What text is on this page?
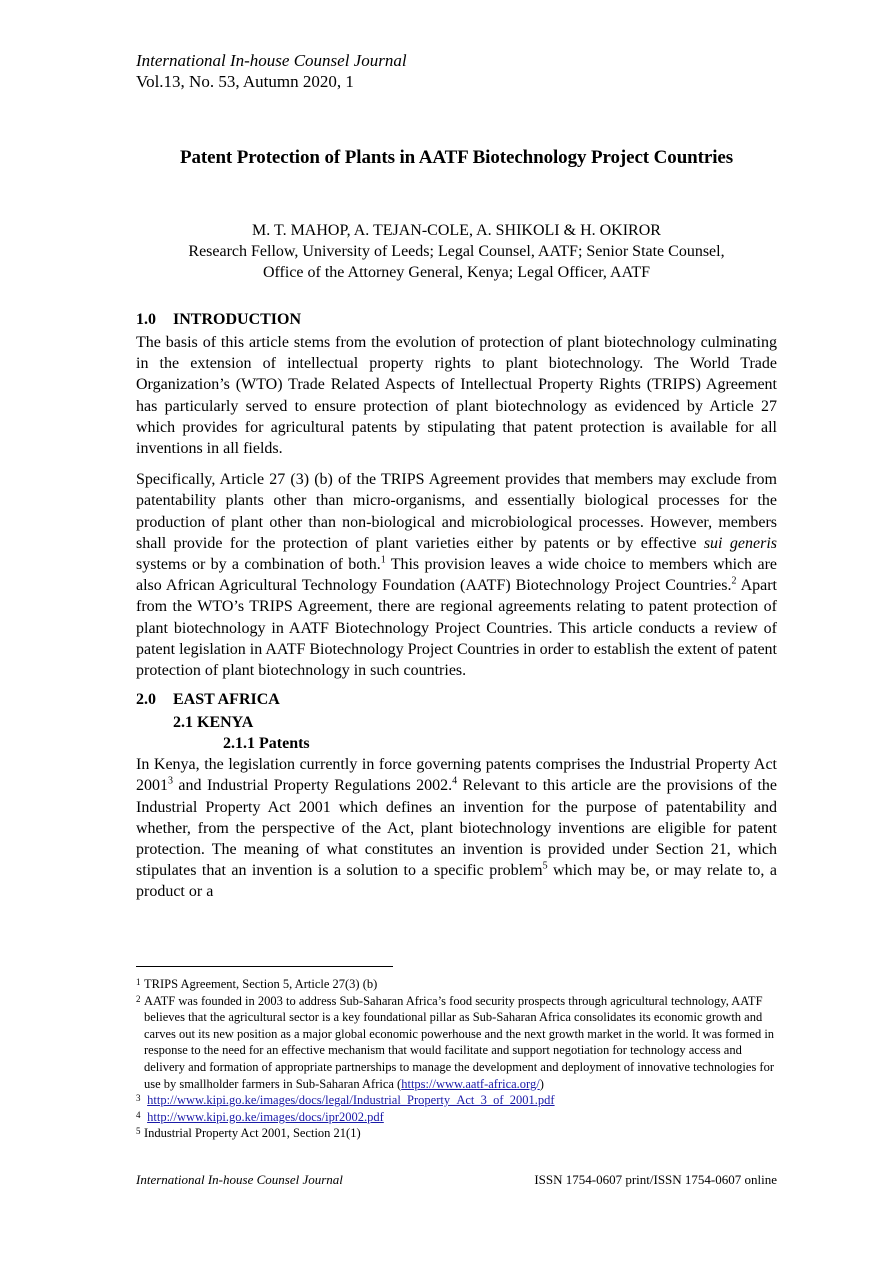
International In-house Counsel Journal
Vol.13, No. 53, Autumn 2020, 1
Patent Protection of Plants in AATF Biotechnology Project Countries
M. T. MAHOP, A. TEJAN-COLE, A. SHIKOLI & H. OKIROR
Research Fellow, University of Leeds; Legal Counsel, AATF; Senior State Counsel,
Office of the Attorney General, Kenya; Legal Officer, AATF
1.0 INTRODUCTION

The basis of this article stems from the evolution of protection of plant biotechnology culminating in the extension of intellectual property rights to plant biotechnology. The World Trade Organization’s (WTO) Trade Related Aspects of Intellectual Property Rights (TRIPS) Agreement has particularly served to ensure protection of plant biotechnology as evidenced by Article 27 which provides for agricultural patents by stipulating that patent protection is available for all inventions in all fields.

Specifically, Article 27 (3) (b) of the TRIPS Agreement provides that members may exclude from patentability plants other than micro-organisms, and essentially biological processes for the production of plant other than non-biological and microbiological processes. However, members shall provide for the protection of plant varieties either by patents or by effective sui generis systems or by a combination of both.$^1$ This provision leaves a wide choice to members which are also African Agricultural Technology Foundation (AATF) Biotechnology Project Countries.$^2$ Apart from the WTO’s TRIPS Agreement, there are regional agreements relating to patent protection of plant biotechnology in AATF Biotechnology Project Countries. This article conducts a review of patent legislation in AATF Biotechnology Project Countries in order to establish the extent of patent protection of plant biotechnology in such countries.

2.0 EAST AFRICA
2.1 KENYA
2.1.1 Patents

In Kenya, the legislation currently in force governing patents comprises the Industrial Property Act 2001$^3$ and Industrial Property Regulations 2002.$^4$ Relevant to this article are the provisions of the Industrial Property Act 2001 which defines an invention for the purpose of patentability and whether, from the perspective of the Act, plant biotechnology inventions are eligible for patent protection. The meaning of what constitutes an invention is provided under Section 21, which stipulates that an invention is a solution to a specific problem$^5$ which may be, or may relate to, a product or a

1 TRIPS Agreement, Section 5, Article 27(3) (b)
2 AATF was founded in 2003 to address Sub-Saharan Africa’s food security prospects through agricultural technology, AATF believes that the agricultural sector is a key foundational pillar as Sub-Saharan Africa consolidates its economic growth and carves out its new position as a major global economic powerhouse and the next growth market in the world. It was formed in response to the need for an effective mechanism that would facilitate and support negotiation for technology access and delivery and formation of appropriate partnerships to manage the development and deployment of innovative technologies for use by smallholder farmers in Sub-Saharan Africa (https://www.aatf-africa.org/)
3 http://www.kipi.go.ke/images/docs/legal/Industrial_Property_Act_3_of_2001.pdf
4 http://www.kipi.go.ke/images/docs/ipr2002.pdf
5 Industrial Property Act 2001, Section 21(1)
International In-house Counsel Journal	ISSN 1754-0607 print/ISSN 1754-0607 online
